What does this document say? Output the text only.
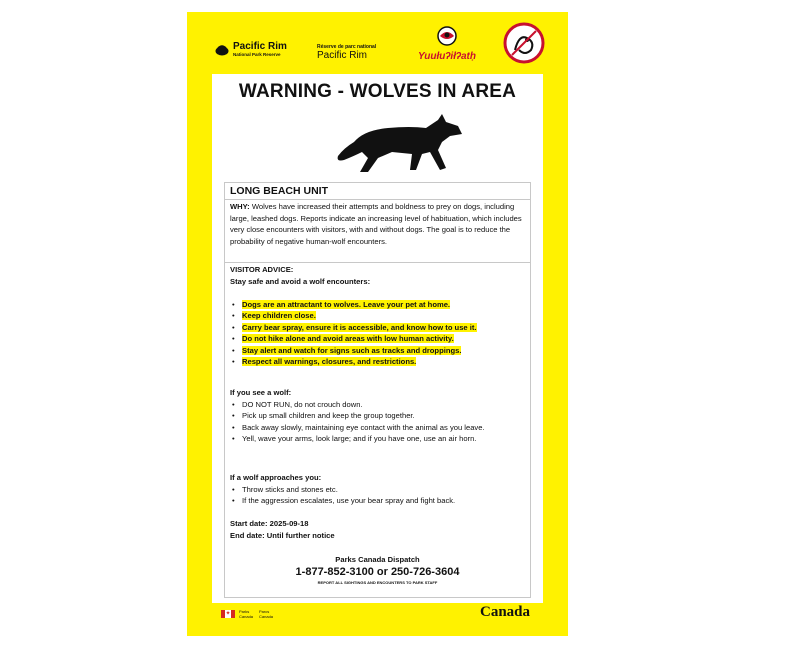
Pacific Rim
National Park Reserve
Réserve de parc national
Pacific Rim	Yuułuʔiłʔatḥ
WARNING - WOLVES IN AREA
LONG BEACH UNIT
WHY: Wolves have increased their attempts and boldness to prey on dogs, including large, leashed dogs. Reports indicate an increasing level of habituation, which includes very close encounters with visitors, with and without dogs. The goal is to reduce the probability of negative human-wolf encounters.
VISITOR ADVICE:
Stay safe and avoid a wolf encounters:
• Dogs are an attractant to wolves. Leave your pet at home.
• Keep children close.
• Carry bear spray, ensure it is accessible, and know how to use it.
• Do not hike alone and avoid areas with low human activity.
• Stay alert and watch for signs such as tracks and droppings.
• Respect all warnings, closures, and restrictions.
If you see a wolf:
• DO NOT RUN, do not crouch down.
• Pick up small children and keep the group together.
• Back away slowly, maintaining eye contact with the animal as you leave.
• Yell, wave your arms, look large; and if you have one, use an air horn.
If a wolf approaches you:
• Throw sticks and stones etc.
• If the aggression escalates, use your bear spray and fight back.
Start date: 2025-09-18
End date: Until further notice
Parks Canada Dispatch
1-877-852-3100 or 250-726-3604
REPORT ALL SIGHTINGS AND ENCOUNTERS TO PARK STAFF
✦ Parks Canada
Parcs Canada	Canada
